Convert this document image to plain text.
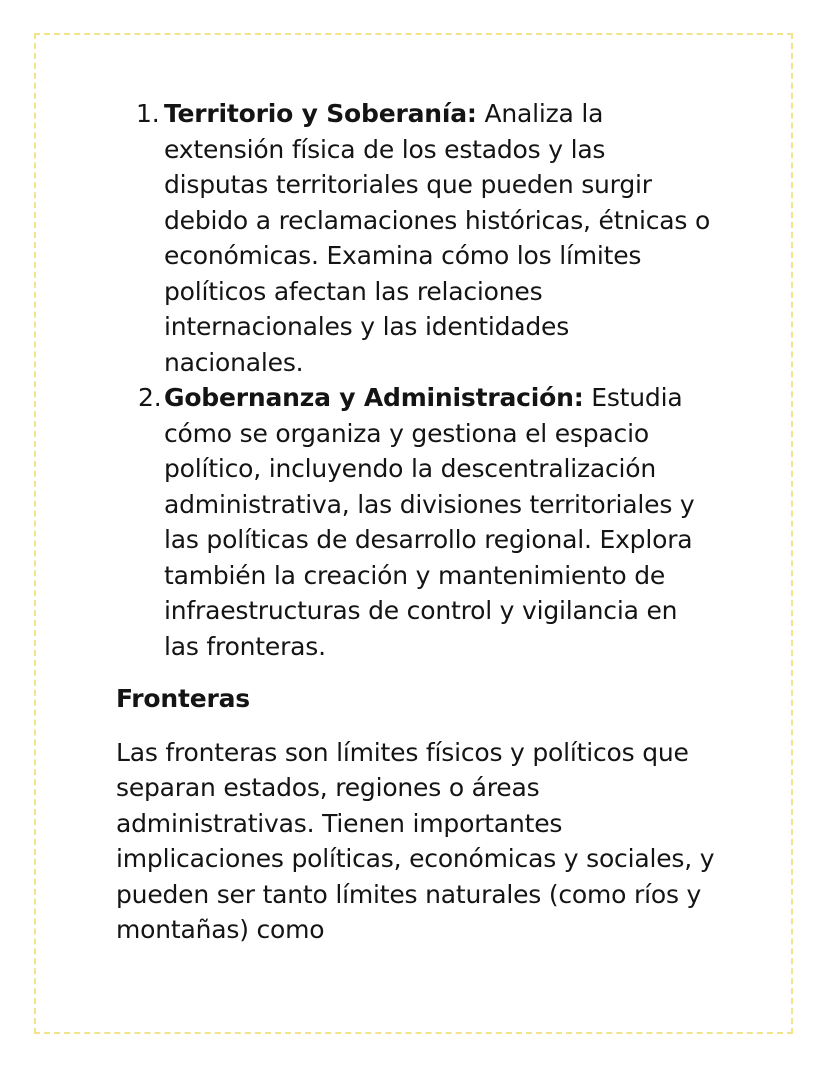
1. Territorio y Soberanía: Analiza la extensión física de los estados y las disputas territoriales que pueden surgir debido a reclamaciones históricas, étnicas o económicas. Examina cómo los límites políticos afectan las relaciones internacionales y las identidades nacionales.
2. Gobernanza y Administración: Estudia cómo se organiza y gestiona el espacio político, incluyendo la descentralización administrativa, las divisiones territoriales y las políticas de desarrollo regional. Explora también la creación y mantenimiento de infraestructuras de control y vigilancia en las fronteras.
Fronteras

Las fronteras son límites físicos y políticos que separan estados, regiones o áreas administrativas. Tienen importantes implicaciones políticas, económicas y sociales, y pueden ser tanto límites naturales (como ríos y montañas) como
